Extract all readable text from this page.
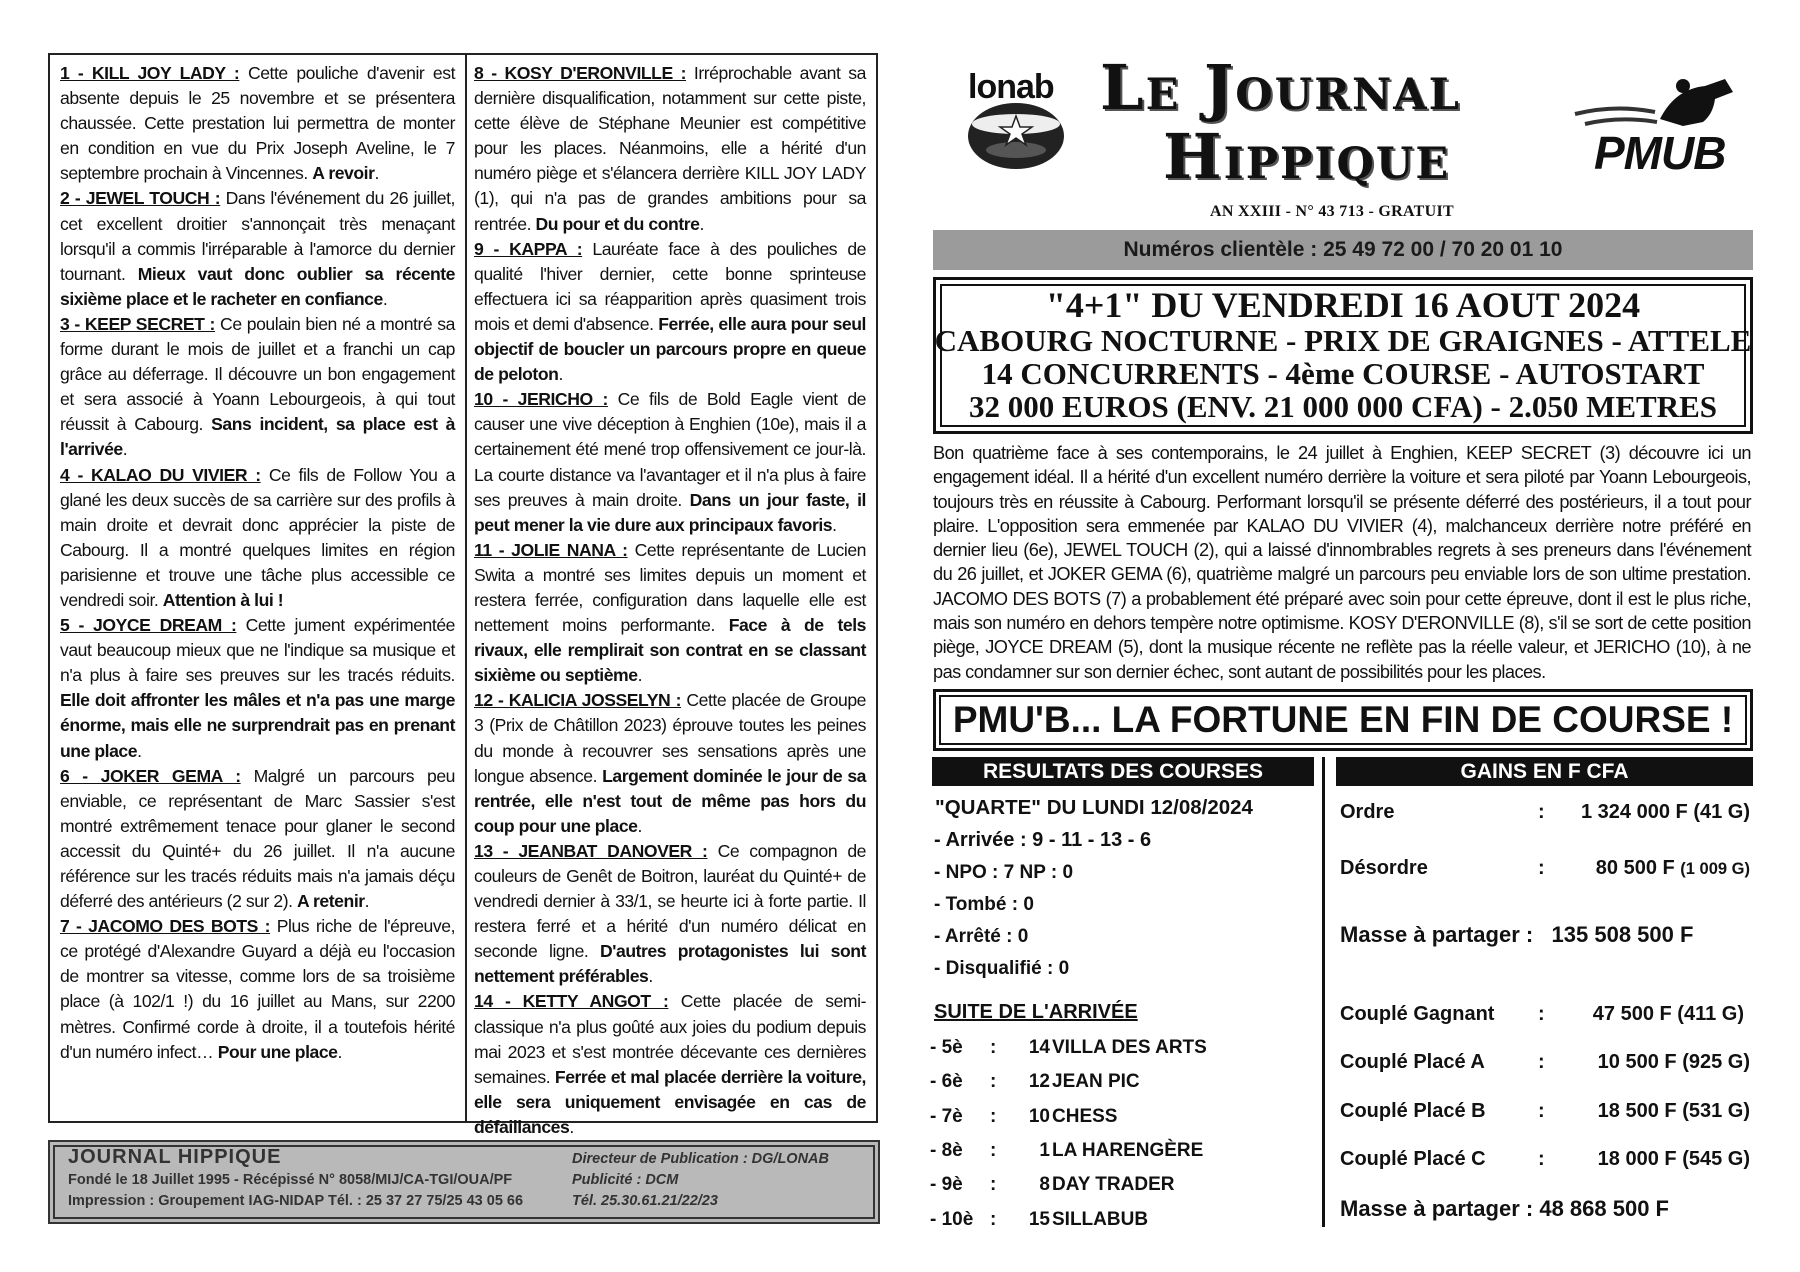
1 - KILL JOY LADY : Cette pouliche d'avenir est absente depuis le 25 novembre et se présentera chaussée. Cette prestation lui permettra de monter en condition en vue du Prix Joseph Aveline, le 7 septembre prochain à Vincennes. A revoir.

2 - JEWEL TOUCH : Dans l'événement du 26 juillet, cet excellent droitier s'annonçait très menaçant lorsqu'il a commis l'irréparable à l'amorce du dernier tournant. Mieux vaut donc oublier sa récente sixième place et le racheter en confiance.

3 - KEEP SECRET : Ce poulain bien né a montré sa forme durant le mois de juillet et a franchi un cap grâce au déferrage. Il découvre un bon engagement et sera associé à Yoann Lebourgeois, à qui tout réussit à Cabourg. Sans incident, sa place est à l'arrivée.

4 - KALAO DU VIVIER : Ce fils de Follow You a glané les deux succès de sa carrière sur des profils à main droite et devrait donc apprécier la piste de Cabourg. Il a montré quelques limites en région parisienne et trouve une tâche plus accessible ce vendredi soir. Attention à lui !

5 - JOYCE DREAM : Cette jument expérimentée vaut beaucoup mieux que ne l'indique sa musique et n'a plus à faire ses preuves sur les tracés réduits. Elle doit affronter les mâles et n'a pas une marge énorme, mais elle ne surprendrait pas en prenant une place.

6 - JOKER GEMA : Malgré un parcours peu enviable, ce représentant de Marc Sassier s'est montré extrêmement tenace pour glaner le second accessit du Quinté+ du 26 juillet. Il n'a aucune référence sur les tracés réduits mais n'a jamais déçu déferré des antérieurs (2 sur 2). A retenir.

7 - JACOMO DES BOTS : Plus riche de l'épreuve, ce protégé d'Alexandre Guyard a déjà eu l'occasion de montrer sa vitesse, comme lors de sa troisième place (à 102/1 !) du 16 juillet au Mans, sur 2200 mètres. Confirmé corde à droite, il a toutefois hérité d'un numéro infect… Pour une place.

8 - KOSY D'ERONVILLE : Irréprochable avant sa dernière disqualification, notamment sur cette piste, cette élève de Stéphane Meunier est compétitive pour les places. Néanmoins, elle a hérité d'un numéro piège et s'élancera derrière KILL JOY LADY (1), qui n'a pas de grandes ambitions pour sa rentrée. Du pour et du contre.

9 - KAPPA : Lauréate face à des pouliches de qualité l'hiver dernier, cette bonne sprinteuse effectuera ici sa réapparition après quasiment trois mois et demi d'absence. Ferrée, elle aura pour seul objectif de boucler un parcours propre en queue de peloton.

10 - JERICHO : Ce fils de Bold Eagle vient de causer une vive déception à Enghien (10e), mais il a certainement été mené trop offensivement ce jour-là. La courte distance va l'avantager et il n'a plus à faire ses preuves à main droite. Dans un jour faste, il peut mener la vie dure aux principaux favoris.

11 - JOLIE NANA : Cette représentante de Lucien Swita a montré ses limites depuis un moment et restera ferrée, configuration dans laquelle elle est nettement moins performante. Face à de tels rivaux, elle remplirait son contrat en se classant sixième ou septième.

12 - KALICIA JOSSELYN : Cette placée de Groupe 3 (Prix de Châtillon 2023) éprouve toutes les peines du monde à recouvrer ses sensations après une longue absence. Largement dominée le jour de sa rentrée, elle n'est tout de même pas hors du coup pour une place.

13 - JEANBAT DANOVER : Ce compagnon de couleurs de Genêt de Boitron, lauréat du Quinté+ de vendredi dernier à 33/1, se heurte ici à forte partie. Il restera ferré et a hérité d'un numéro délicat en seconde ligne. D'autres protagonistes lui sont nettement préférables.

14 - KETTY ANGOT : Cette placée de semi-classique n'a plus goûté aux joies du podium depuis mai 2023 et s'est montrée décevante ces dernières semaines. Ferrée et mal placée derrière la voiture, elle sera uniquement envisagée en cas de défaillances.

JOURNAL HIPPIQUE
Fondé le 18 Juillet 1995 - Récépissé N° 8058/MIJ/CA-TGI/OUA/PF
Impression : Groupement IAG-NIDAP Tél. : 25 37 27 75/25 43 05 66
Directeur de Publication : DG/LONAB
Publicité : DCM
Tél. 25.30.61.21/22/23
lonab Le Journal
Hippique
AN XXIII - N° 43 713 - GRATUIT
PMUB
Numéros clientèle : 25 49 72 00 / 70 20 01 10
"4+1" DU VENDREDI 16 AOUT 2024
CABOURG NOCTURNE - PRIX DE GRAIGNES - ATTELE
14 CONCURRENTS - 4ème COURSE - AUTOSTART
32 000 EUROS (ENV. 21 000 000 CFA) - 2.050 METRES
Bon quatrième face à ses contemporains, le 24 juillet à Enghien, KEEP SECRET (3) découvre ici un engagement idéal. Il a hérité d'un excellent numéro derrière la voiture et sera piloté par Yoann Lebourgeois, toujours très en réussite à Cabourg. Performant lorsqu'il se présente déferré des postérieurs, il a tout pour plaire. L'opposition sera emmenée par KALAO DU VIVIER (4), malchanceux derrière notre préféré en dernier lieu (6e), JEWEL TOUCH (2), qui a laissé d'innombrables regrets à ses preneurs dans l'événement du 26 juillet, et JOKER GEMA (6), quatrième malgré un parcours peu enviable lors de son ultime prestation. JACOMO DES BOTS (7) a probablement été préparé avec soin pour cette épreuve, dont il est le plus riche, mais son numéro en dehors tempère notre optimisme. KOSY D'ERONVILLE (8), s'il se sort de cette position piège, JOYCE DREAM (5), dont la musique récente ne reflète pas la réelle valeur, et JERICHO (10), à ne pas condamner sur son dernier échec, sont autant de possibilités pour les places.
PMU'B... LA FORTUNE EN FIN DE COURSE !
RESULTATS DES COURSES	GAINS EN F CFA
"QUARTE" DU LUNDI 12/08/2024
- Arrivée : 9 - 11 - 13 - 6
- NPO : 7 NP : 0
- Tombé : 0
- Arrêté : 0
- Disqualifié : 0
SUITE DE L'ARRIVÉE
- 5è :	14 VILLA DES ARTS
- 6è :	12 JEAN PIC
- 7è :	10 CHESS
- 8è :	1 LA HARENGÈRE
- 9è :	8 DAY TRADER
- 10è :	15 SILLABUB
Ordre	: 1 324 000 F (41 G)
Désordre	:	80 500 F (1 009 G)
Masse à partager : 135 508 500 F
Couplé Gagnant : 47 500 F (411 G)
Couplé Placé A	:	10 500 F (925 G)
Couplé Placé B	:	18 500 F (531 G)
Couplé Placé C	:	18 000 F (545 G)
Masse à partager : 48 868 500 F
